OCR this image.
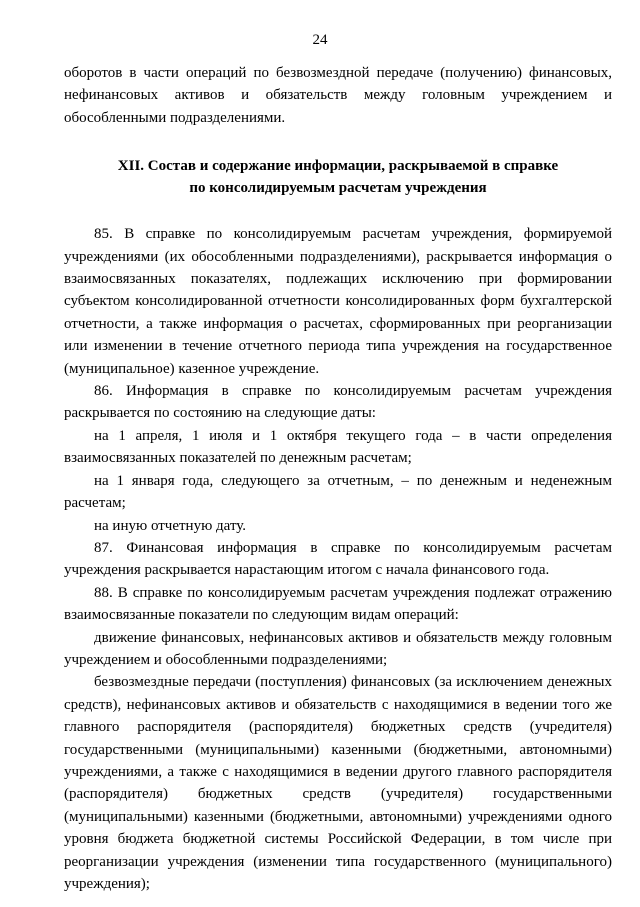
24

оборотов в части операций по безвозмездной передаче (получению) финансовых, нефинансовых активов и обязательств между головным учреждением и обособленными подразделениями.

XII. Состав и содержание информации, раскрываемой в справке
по консолидируемым расчетам учреждения

85. В справке по консолидируемым расчетам учреждения, формируемой учреждениями (их обособленными подразделениями), раскрывается информация о взаимосвязанных показателях, подлежащих исключению при формировании субъектом консолидированной отчетности консолидированных форм бухгалтерской отчетности, а также информация о расчетах, сформированных при реорганизации или изменении в течение отчетного периода типа учреждения на государственное (муниципальное) казенное учреждение.

86. Информация в справке по консолидируемым расчетам учреждения раскрывается по состоянию на следующие даты:

на 1 апреля, 1 июля и 1 октября текущего года – в части определения взаимосвязанных показателей по денежным расчетам;

на 1 января года, следующего за отчетным, – по денежным и неденежным расчетам;

на иную отчетную дату.

87. Финансовая информация в справке по консолидируемым расчетам учреждения раскрывается нарастающим итогом с начала финансового года.

88. В справке по консолидируемым расчетам учреждения подлежат отражению взаимосвязанные показатели по следующим видам операций:

движение финансовых, нефинансовых активов и обязательств между головным учреждением и обособленными подразделениями;

безвозмездные передачи (поступления) финансовых (за исключением денежных средств), нефинансовых активов и обязательств с находящимися в ведении того же главного распорядителя (распорядителя) бюджетных средств (учредителя) государственными (муниципальными) казенными (бюджетными, автономными) учреждениями, а также с находящимися в ведении другого главного распорядителя (распорядителя) бюджетных средств (учредителя) государственными (муниципальными) казенными (бюджетными, автономными) учреждениями одного уровня бюджета бюджетной системы Российской Федерации, в том числе при реорганизации учреждения (изменении типа государственного (муниципального) учреждения);
